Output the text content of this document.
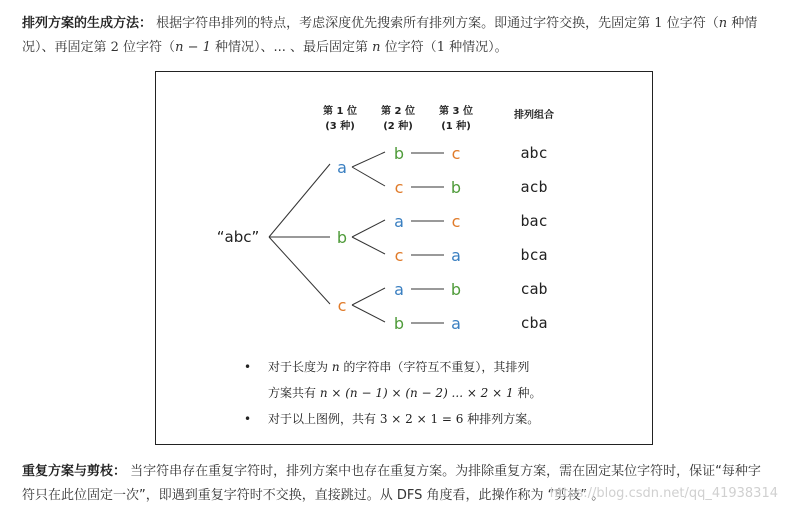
排列方案的生成方法： 根据字符串排列的特点，考虑深度优先搜索所有排列方案。即通过字符交换，先固定第 1 位字符（n 种情况）、再固定第 2 位字符（n − 1 种情况）、... 、最后固定第 n 位字符（1 种情况）。
第 1 位
(3 种)
第 2 位
(2 种)
第 3 位
(1 种)
排列组合
“abc”
a
b
c
b
c
a
c
a
b
c
b
c
a
b
a
abc
acb
bac
bca
cab
cba
• 对于长度为 n 的字符串（字符互不重复），其排列
方案共有 n × (n − 1) × (n − 2) ... × 2 × 1 种。
• 对于以上图例，共有 3 × 2 × 1 = 6 种排列方案。
重复方案与剪枝： 当字符串存在重复字符时，排列方案中也存在重复方案。为排除重复方案，需在固定某位字符时，保证“每种字符只在此位固定一次”，即遇到重复字符时不交换，直接跳过。从 DFS 角度看，此操作称为 “剪枝” 。
https://blog.csdn.net/qq_41938314
